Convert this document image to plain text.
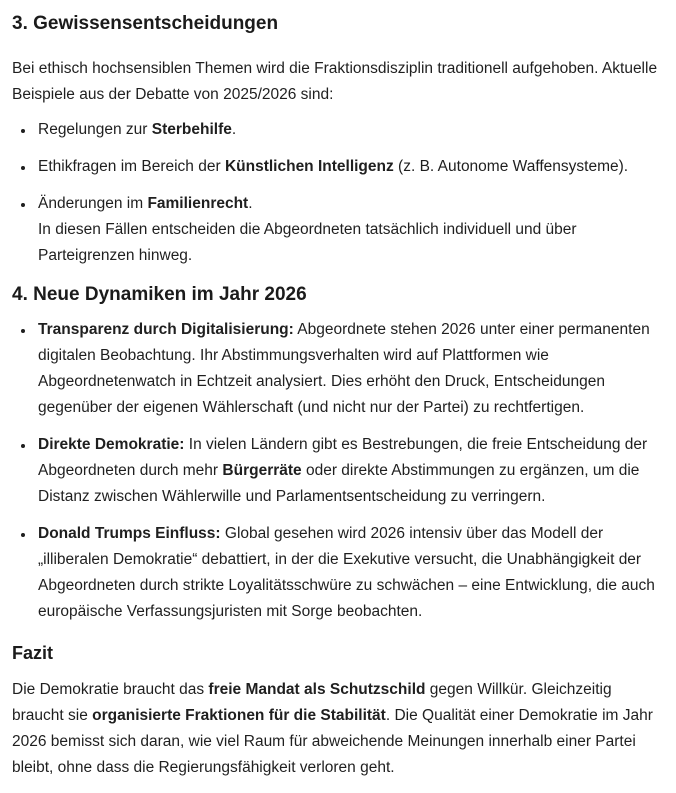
3. Gewissensentscheidungen

Bei ethisch hochsensiblen Themen wird die Fraktionsdisziplin traditionell aufgehoben. Aktuelle Beispiele aus der Debatte von 2025/2026 sind:

• Regelungen zur Sterbehilfe.
• Ethikfragen im Bereich der Künstlichen Intelligenz (z. B. Autonome Waffensysteme).
• Änderungen im Familienrecht.
In diesen Fällen entscheiden die Abgeordneten tatsächlich individuell und über Parteigrenzen hinweg.
4. Neue Dynamiken im Jahr 2026
• Transparenz durch Digitalisierung: Abgeordnete stehen 2026 unter einer permanenten digitalen Beobachtung. Ihr Abstimmungsverhalten wird auf Plattformen wie Abgeordnetenwatch in Echtzeit analysiert. Dies erhöht den Druck, Entscheidungen gegenüber der eigenen Wählerschaft (und nicht nur der Partei) zu rechtfertigen.
• Direkte Demokratie: In vielen Ländern gibt es Bestrebungen, die freie Entscheidung der Abgeordneten durch mehr Bürgerräte oder direkte Abstimmungen zu ergänzen, um die Distanz zwischen Wählerwille und Parlamentsentscheidung zu verringern.
• Donald Trumps Einfluss: Global gesehen wird 2026 intensiv über das Modell der „illiberalen Demokratie“ debattiert, in der die Exekutive versucht, die Unabhängigkeit der Abgeordneten durch strikte Loyalitätsschwüre zu schwächen – eine Entwicklung, die auch europäische Verfassungsjuristen mit Sorge beobachten.
Fazit

Die Demokratie braucht das freie Mandat als Schutzschild gegen Willkür. Gleichzeitig braucht sie organisierte Fraktionen für die Stabilität. Die Qualität einer Demokratie im Jahr 2026 bemisst sich daran, wie viel Raum für abweichende Meinungen innerhalb einer Partei bleibt, ohne dass die Regierungsfähigkeit verloren geht.
